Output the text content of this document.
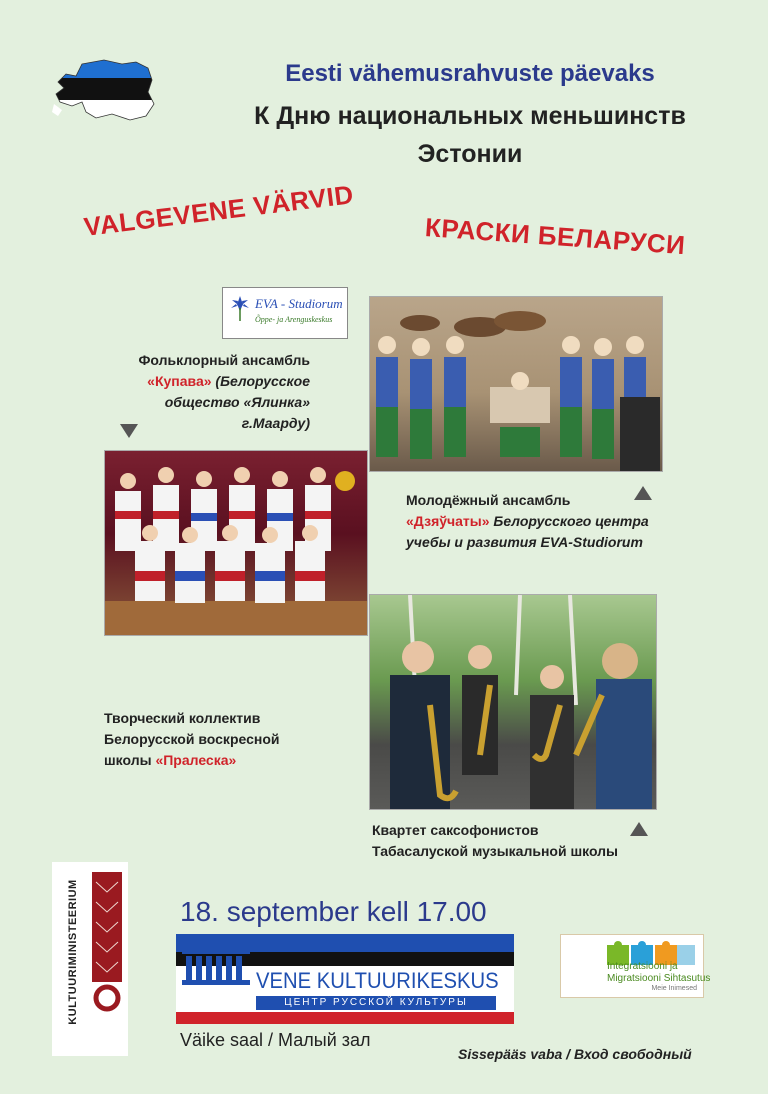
Eesti vähemusrahvuste päevaks
К Дню национальных меньшинств
Эстонии
VALGEVENE VÄRVID	КРАСКИ БЕЛАРУСИ
EVA - Studiorum
Õppe- ja Arenguskeskus
Фольклорный ансамбль
«Купава» (Белорусское
общество «Ялинка»
г.Маарду)
Молодёжный ансамбль
«Дзяўчаты» Белорусского центра
учебы и развития EVA-Studiorum
Творческий коллектив
Белорусской воскресной
школы «Пралеска»
Квартет саксофонистов
Табасалуской музыкальной школы
KULTUURIMINISTEERIUM	18. september kell 17.00
VENE KULTUURIKESKUS
ЦЕНТР РУССКОЙ КУЛЬТУРЫ
Integratsiooni ja
Migratsiooni Sihtasutus
Meie Inimesed
Väike saal / Малый зал
Sissepääs vaba / Вход свободный
